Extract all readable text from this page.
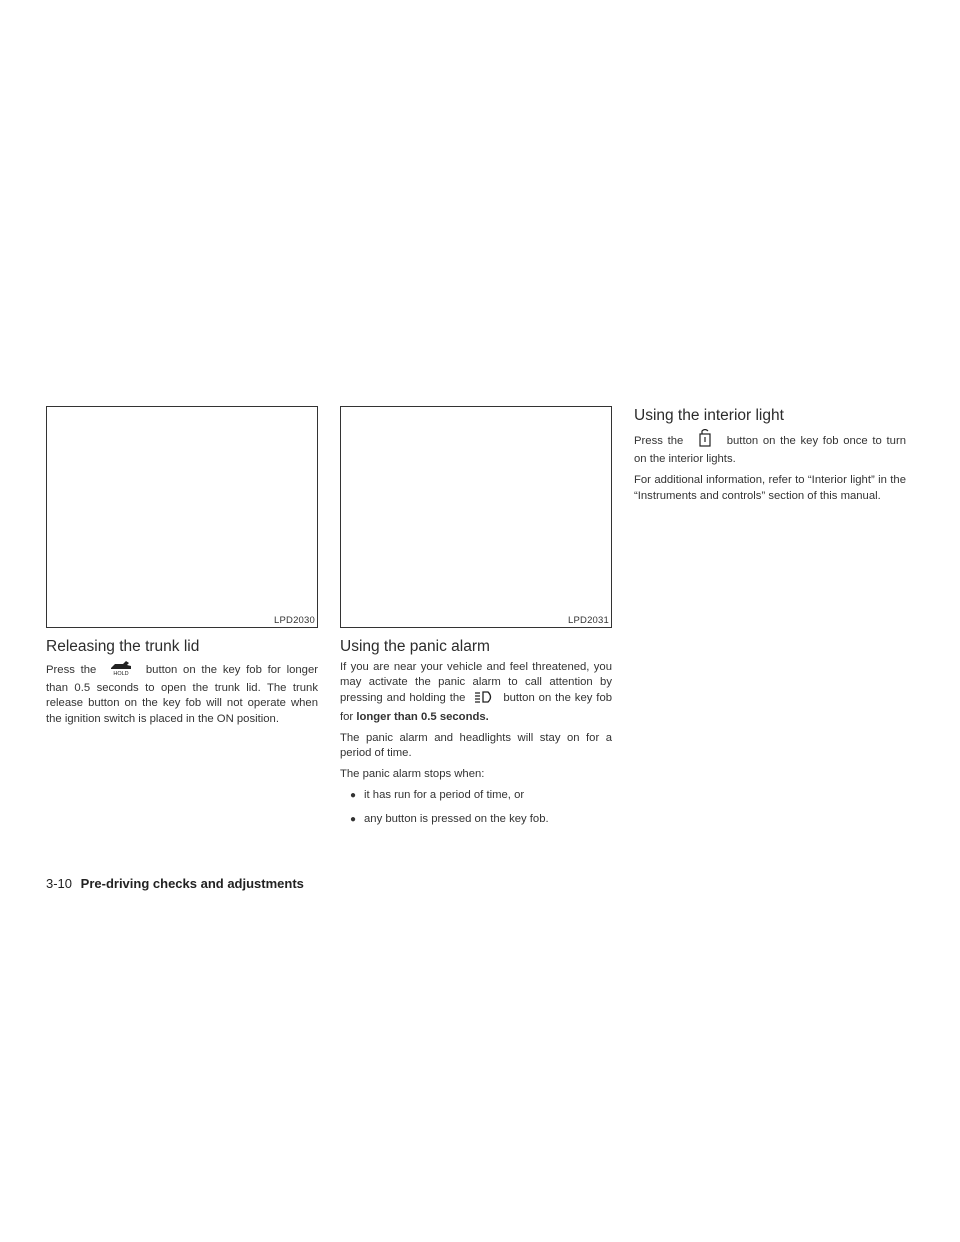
LPD2030
Releasing the trunk lid

Press the	HOLD button on the key fob for longer than 0.5 seconds to open the trunk lid. The trunk release button on the key fob will not operate when the ignition switch is placed in the ON position.

LPD2031
Using the panic alarm

If you are near your vehicle and feel threatened, you may activate the panic alarm to call attention by pressing and holding the	button on the key fob for longer than 0.5 seconds.

The panic alarm and headlights will stay on for a period of time.

The panic alarm stops when:

● it has run for a period of time, or
● any button is pressed on the key fob.
Using the interior light

Press the	button on the key fob once to turn on the interior lights.

For additional information, refer to “Interior light” in the “Instruments and controls” section of this manual.

3-10 Pre-driving checks and adjustments
